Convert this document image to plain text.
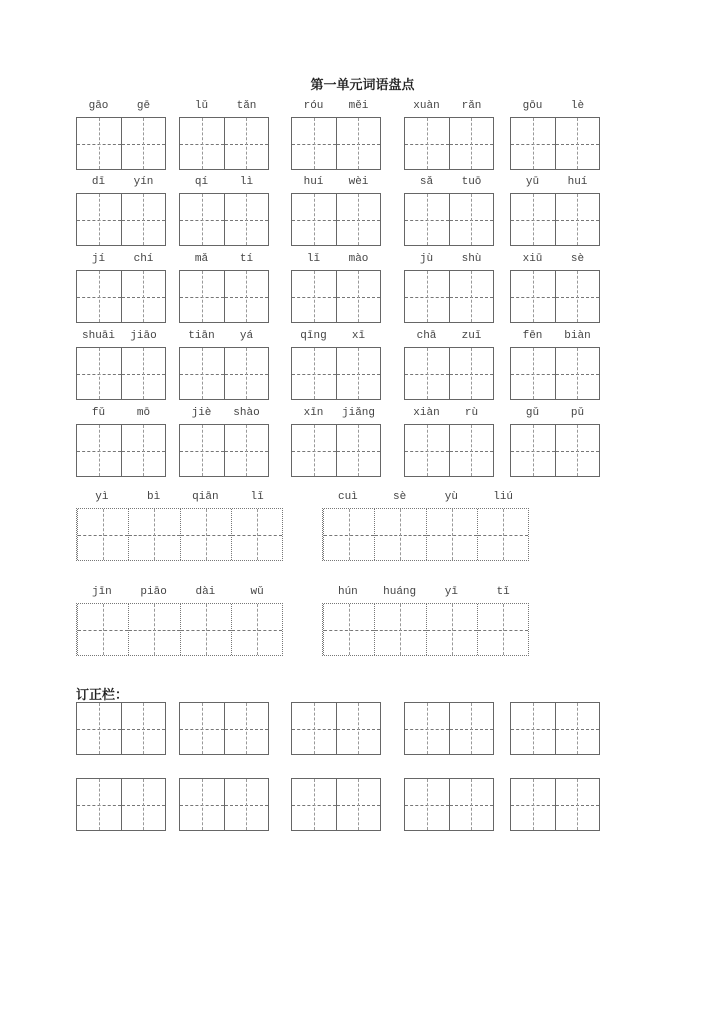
第一单元词语盘点
gāo	gē	lǔ	tǎn	róu měi	xuàn rǎn	gōu	lè
dī	yín	qí	lì	huí wèi	sǎ	tuō	yū	huí
jí	chí	mǎ	tí	lǐ	mào	jù	shù	xiū	sè
shuāi jiāo	tiān yá	qīng xī	chā zuǐ	fēn biàn
fǔ	mō	jiè shào	xīn jiǎng	xiàn rù	gǔ	pǔ
yì	bì	qiān	lǐ	cuì	sè	yù	liú
jīn	piāo	dài	wǔ	hún huáng	yī	tǐ
订正栏：
